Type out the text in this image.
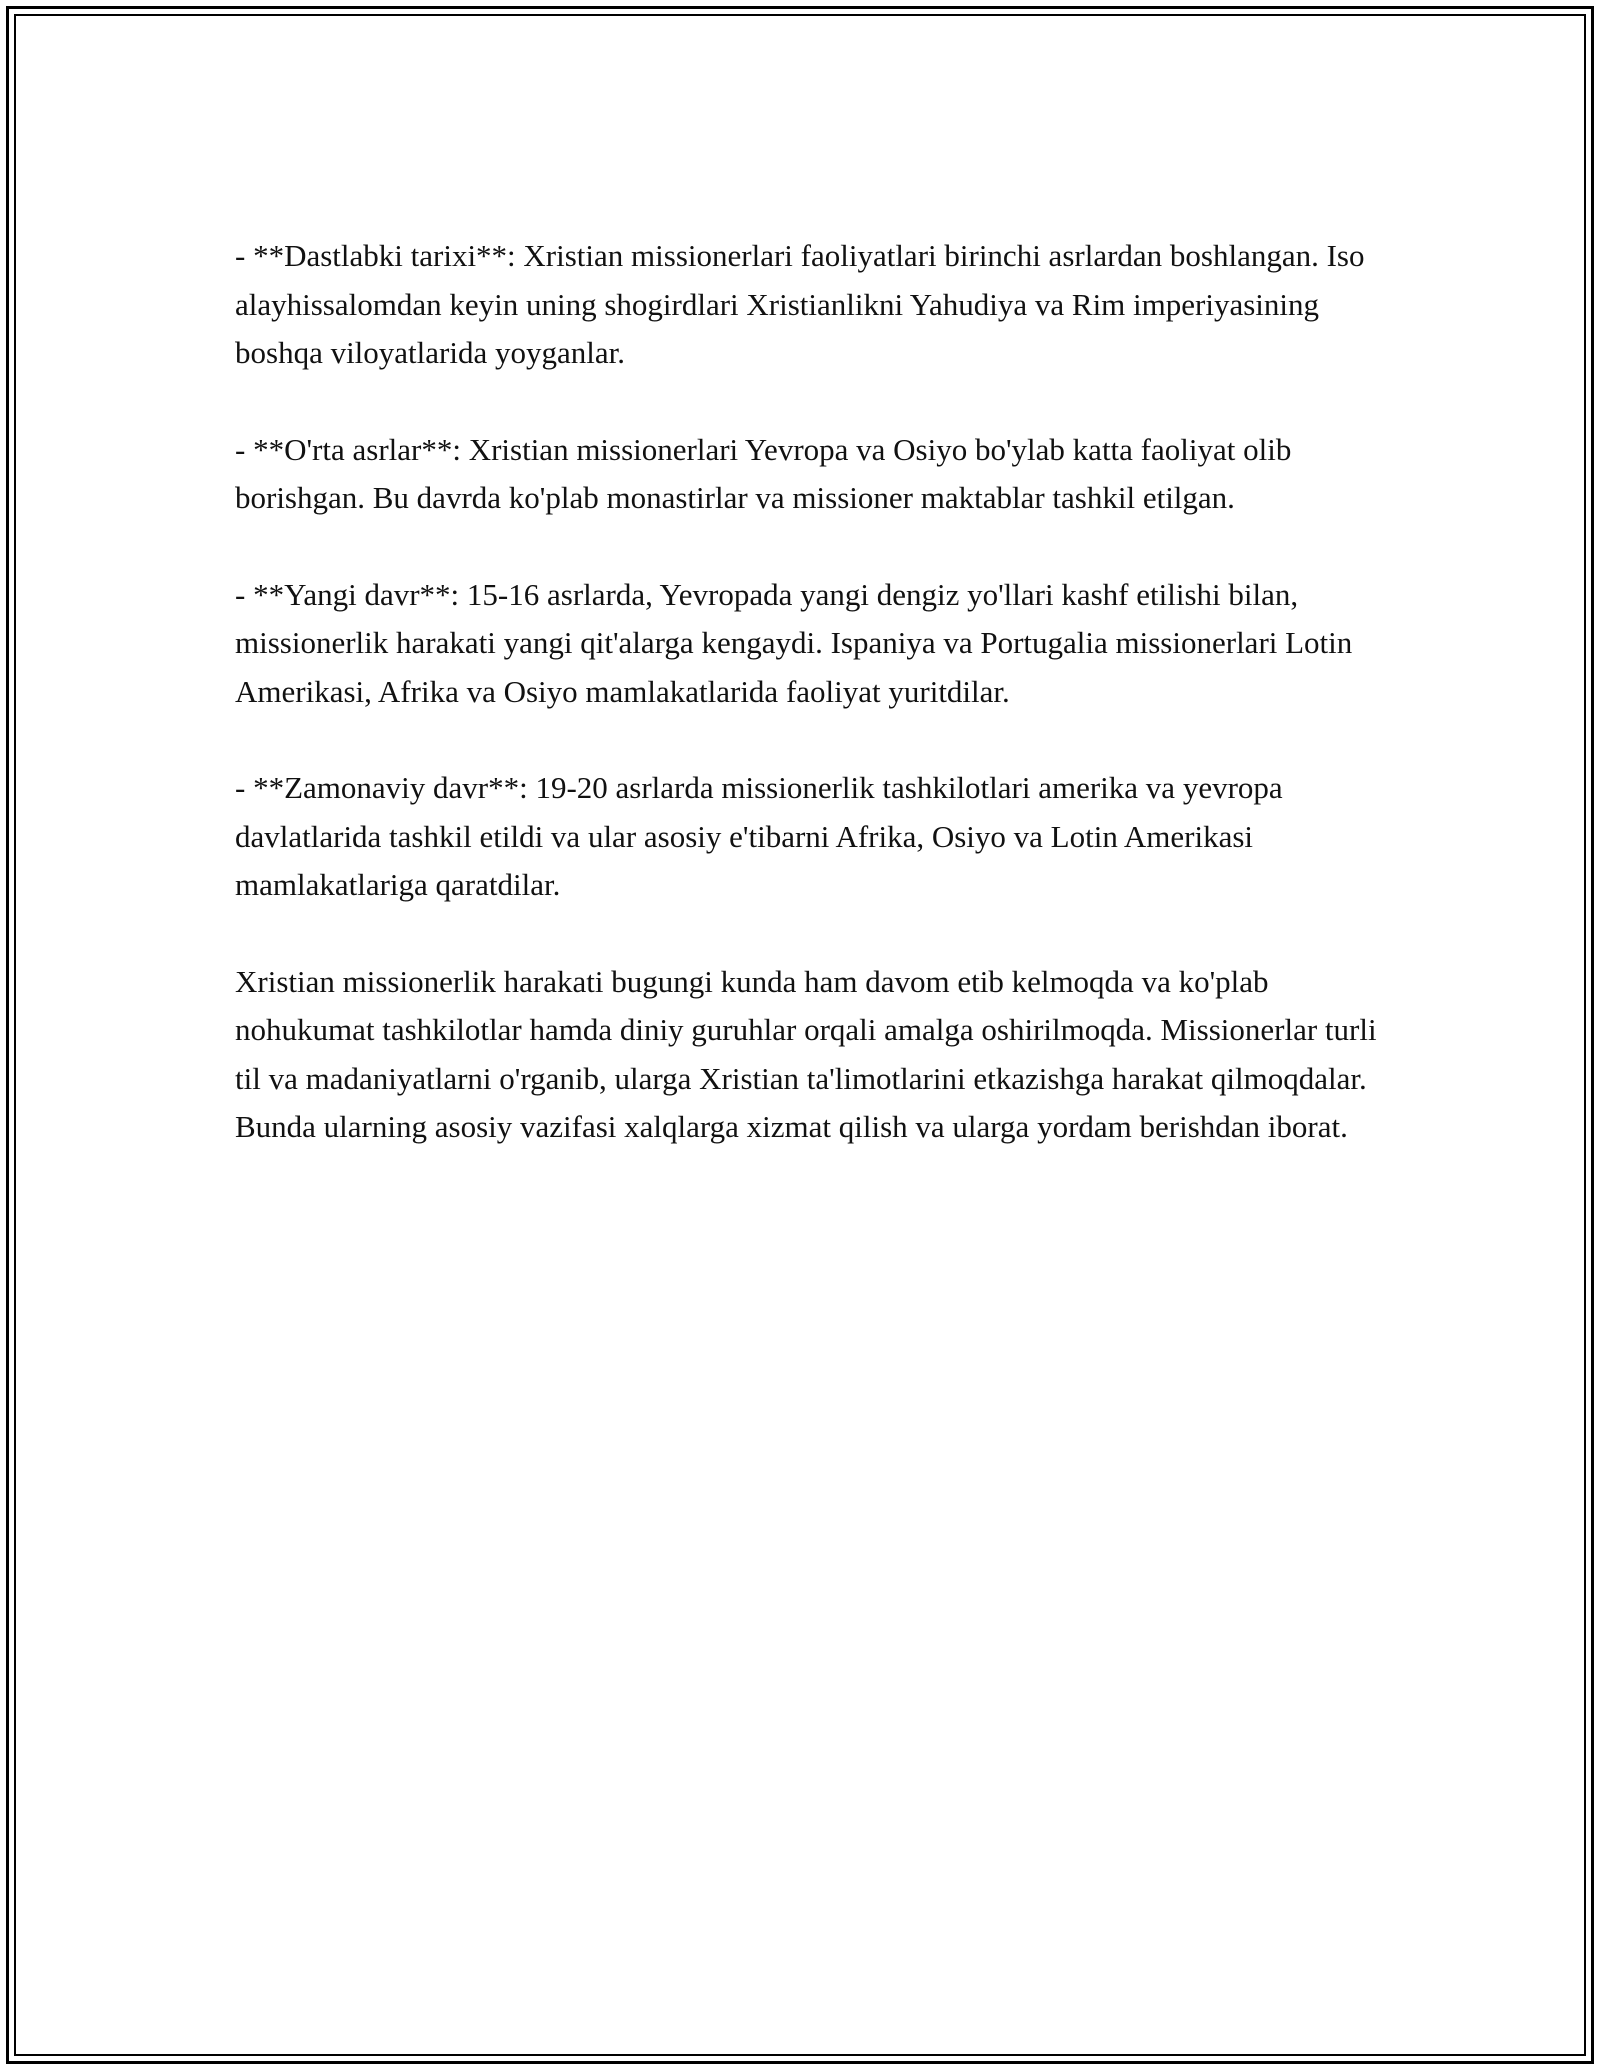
- **Dastlabki tarixi**: Xristian missionerlari faoliyatlari birinchi asrlardan boshlangan. Iso alayhissalomdan keyin uning shogirdlari Xristianlikni Yahudiya va Rim imperiyasining boshqa viloyatlarida yoyganlar.

- **O'rta asrlar**: Xristian missionerlari Yevropa va Osiyo bo'ylab katta faoliyat olib borishgan. Bu davrda ko'plab monastirlar va missioner maktablar tashkil etilgan.

- **Yangi davr**: 15-16 asrlarda, Yevropada yangi dengiz yo'llari kashf etilishi bilan, missionerlik harakati yangi qit'alarga kengaydi. Ispaniya va Portugalia missionerlari Lotin Amerikasi, Afrika va Osiyo mamlakatlarida faoliyat yuritdilar.

- **Zamonaviy davr**: 19-20 asrlarda missionerlik tashkilotlari amerika va yevropa davlatlarida tashkil etildi va ular asosiy e'tibarni Afrika, Osiyo va Lotin Amerikasi mamlakatlariga qaratdilar.

Xristian missionerlik harakati bugungi kunda ham davom etib kelmoqda va ko'plab nohukumat tashkilotlar hamda diniy guruhlar orqali amalga oshirilmoqda. Missionerlar turli til va madaniyatlarni o'rganib, ularga Xristian ta'limotlarini etkazishga harakat qilmoqdalar. Bunda ularning asosiy vazifasi xalqlarga xizmat qilish va ularga yordam berishdan iborat.
